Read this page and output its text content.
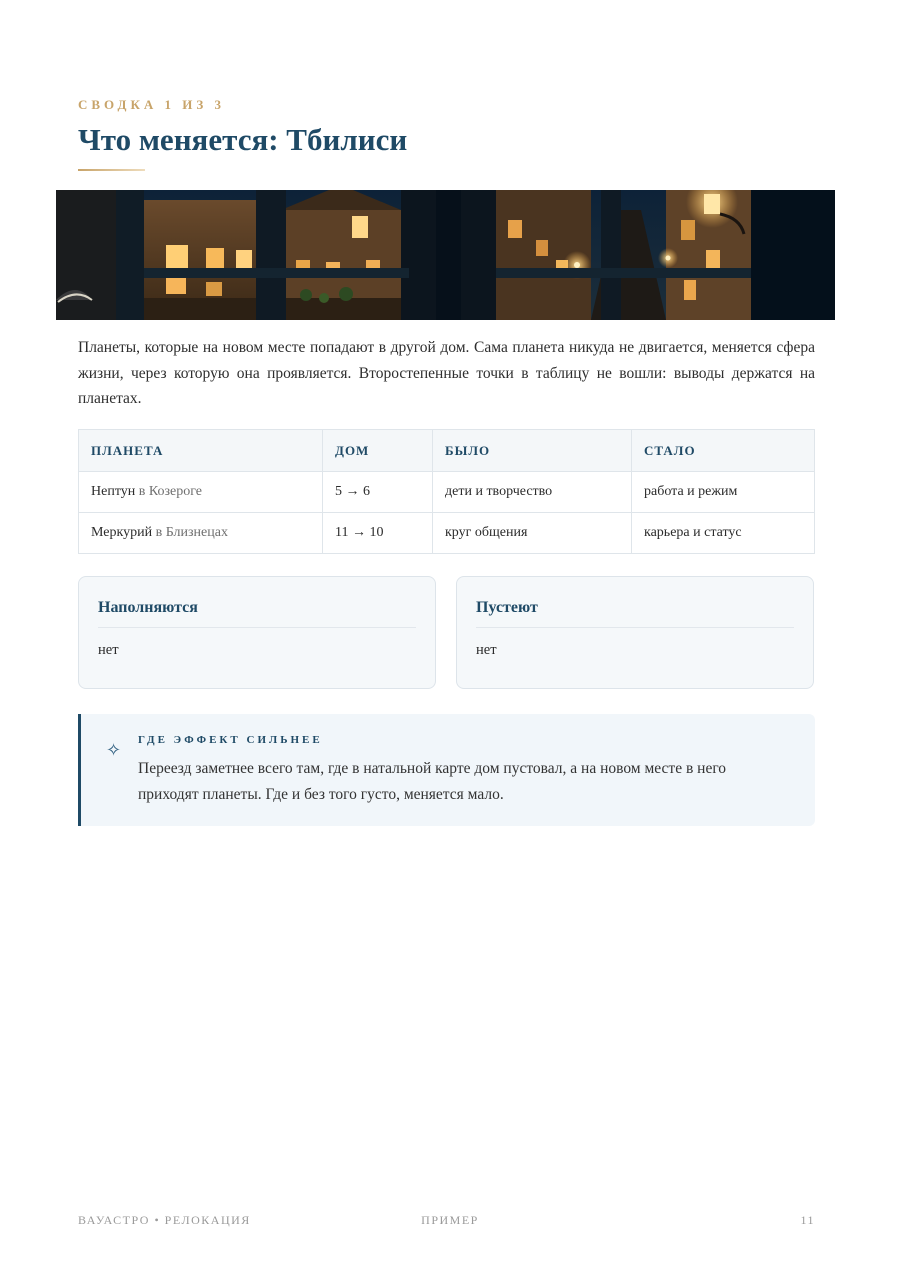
СВОДКА 1 ИЗ 3
Что меняется: Тбилиси

Планеты, которые на новом месте попадают в другой дом. Сама планета никуда не двигается, меняется сфера жизни, через которую она проявляется. Второстепенные точки в таблицу не вошли: выводы держатся на планетах.

ПЛАНЕТА	ДОМ	БЫЛО	СТАЛО
Нептун в Козероге	5 → 6	дети и творчество	работа и режим
Меркурий в Близнецах	11 → 10	круг общения	карьера и статус
Наполняются

нет

Пустеют

нет

✧ ГДЕ ЭФФЕКТ СИЛЬНЕЕ

Переезд заметнее всего там, где в натальной карте дом пустовал, а на новом месте в него приходят планеты. Где и без того густо, меняется мало.

ВАУАСТРО • РЕЛОКАЦИЯ	ПРИМЕР	11
